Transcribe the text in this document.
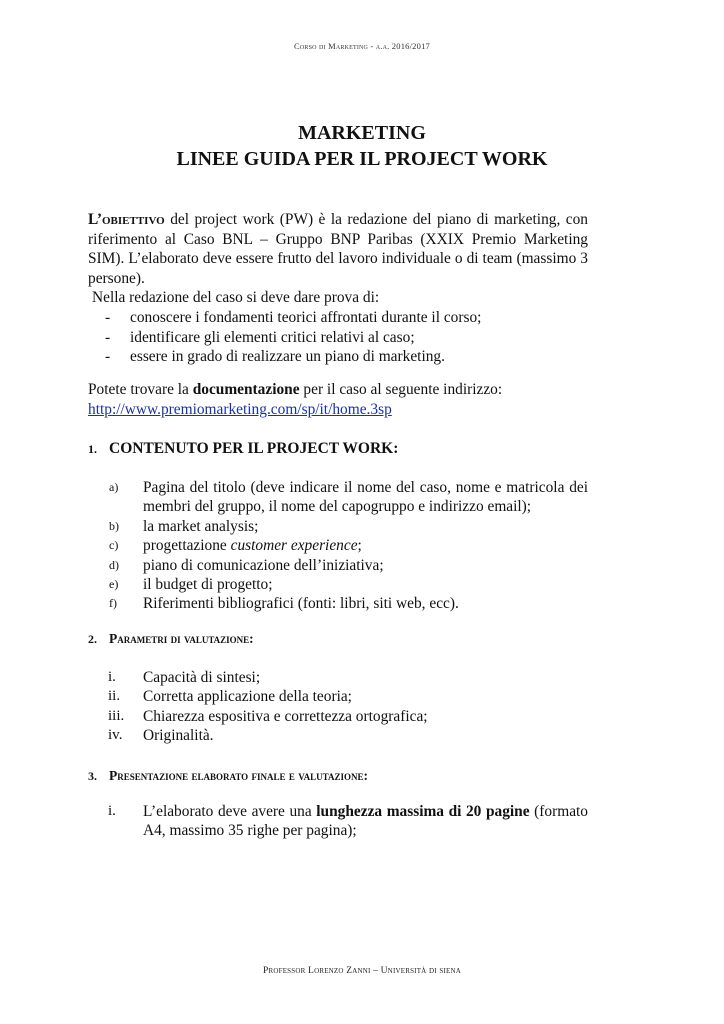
Corso di Marketing - a.a. 2016/2017
MARKETING
LINEE GUIDA PER IL PROJECT WORK

L’obiettivo del project work (PW) è la redazione del piano di marketing, con riferimento al Caso BNL – Gruppo BNP Paribas (XXIX Premio Marketing SIM). L’elaborato deve essere frutto del lavoro individuale o di team (massimo 3 persone).

Nella redazione del caso si deve dare prova di:

- conoscere i fondamenti teorici affrontati durante il corso;
- identificare gli elementi critici relativi al caso;
- essere in grado di realizzare un piano di marketing.

Potete trovare la documentazione per il caso al seguente indirizzo:

http://www.premiomarketing.com/sp/it/home.3sp

1. CONTENUTO PER IL PROJECT WORK:
a) Pagina del titolo (deve indicare il nome del caso, nome e matricola dei membri del gruppo, il nome del capogruppo e indirizzo email);
b) la market analysis;
c) progettazione customer experience;
d) piano di comunicazione dell’iniziativa;
e) il budget di progetto;
f) Riferimenti bibliografici (fonti: libri, siti web, ecc).
2. Parametri di valutazione:
i. Capacità di sintesi;
ii. Corretta applicazione della teoria;
iii. Chiarezza espositiva e correttezza ortografica;
iv. Originalità.
3. Presentazione elaborato finale e valutazione:
i. L’elaborato deve avere una lunghezza massima di 20 pagine (formato A4, massimo 35 righe per pagina);
Professor Lorenzo Zanni – Università di siena
